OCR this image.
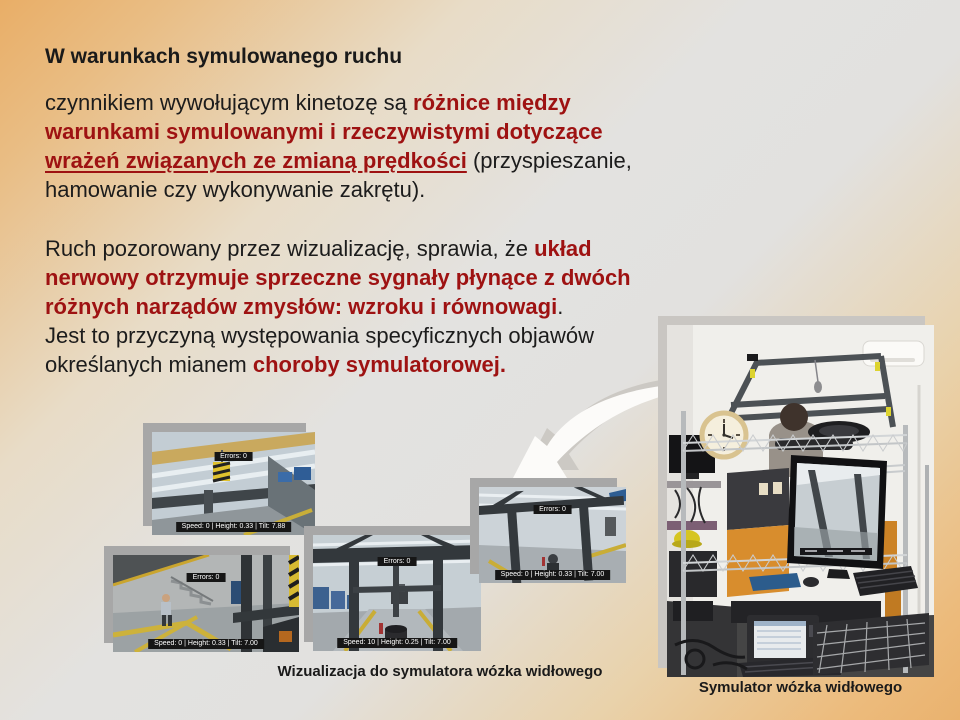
W warunkach symulowanego ruchu
czynnikiem wywołującym kinetozę są różnice między warunkami symulowanymi i rzeczywistymi dotyczące wrażeń związanych ze zmianą prędkości (przyspieszanie, hamowanie czy wykonywanie zakrętu).
Ruch pozorowany przez wizualizację, sprawia, że układ nerwowy otrzymuje sprzeczne sygnały płynące z dwóch różnych narządów zmysłów: wzroku i równowagi.
Jest to przyczyną występowania specyficznych objawów określanych mianem choroby symulatorowej.
Errors: 0
Speed: 0 | Height: 0.33 | Tilt: 7.88
Errors: 0
Speed: 0 | Height: 0.33 | Tilt: 7.00
Errors: 0
Speed: 10 | Height: 0.25 | Tilt: 7.00
Errors: 0
Speed: 0 | Height: 0.33 | Tilt: 7.00
Wizualizacja do symulatora wózka widłowego
Symulator wózka widłowego
